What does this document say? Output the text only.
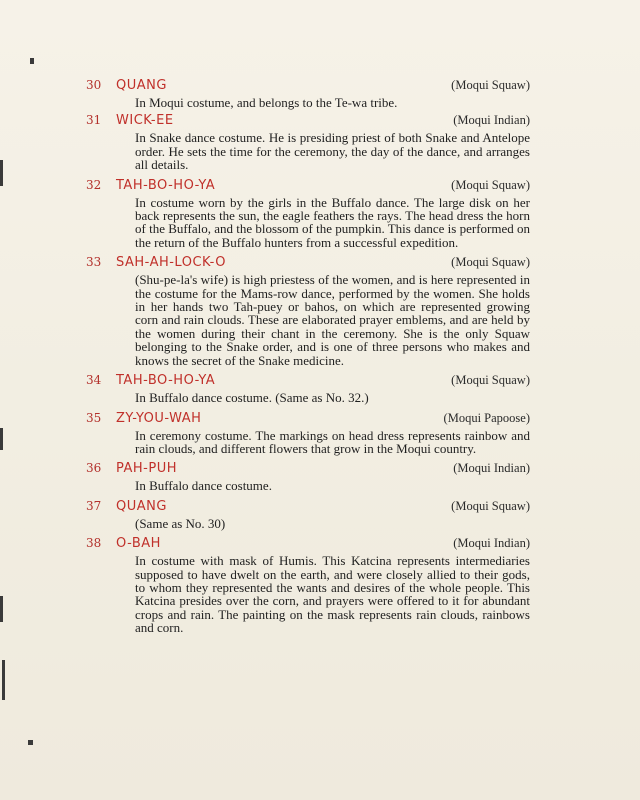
30	QUANG	(Moqui Squaw)
In Moqui costume, and belongs to the Te-wa tribe.
31	WICK-EE	(Moqui Indian)
In Snake dance costume. He is presiding priest of both Snake and Antelope order. He sets the time for the ceremony, the day of the dance, and arranges all details.
32	TAH-BO-HO-YA	(Moqui Squaw)
In costume worn by the girls in the Buffalo dance. The large disk on her back represents the sun, the eagle feathers the rays. The head dress the horn of the Buffalo, and the blossom of the pumpkin. This dance is performed on the return of the Buffalo hunters from a successful expedition.
33	SAH-AH-LOCK-O	(Moqui Squaw)
(Shu-pe-la's wife) is high priestess of the women, and is here represented in the costume for the Mams-row dance, performed by the women. She holds in her hands two Tah-puey or bahos, on which are represented growing corn and rain clouds. These are elaborated prayer emblems, and are held by the women during their chant in the ceremony. She is the only Squaw belonging to the Snake order, and is one of three persons who makes and knows the secret of the Snake medicine.
34	TAH-BO-HO-YA	(Moqui Squaw)
In Buffalo dance costume. (Same as No. 32.)
35	ZY-YOU-WAH	(Moqui Papoose)
In ceremony costume. The markings on head dress represents rainbow and rain clouds, and different flowers that grow in the Moqui country.
36	PAH-PUH	(Moqui Indian)
In Buffalo dance costume.
37	QUANG	(Moqui Squaw)
(Same as No. 30)
38	O-BAH	(Moqui Indian)
In costume with mask of Humis. This Katcina represents intermediaries supposed to have dwelt on the earth, and were closely allied to their gods, to whom they represented the wants and desires of the whole people. This Katcina presides over the corn, and prayers were offered to it for abundant crops and rain. The painting on the mask represents rain clouds, rainbows and corn.
